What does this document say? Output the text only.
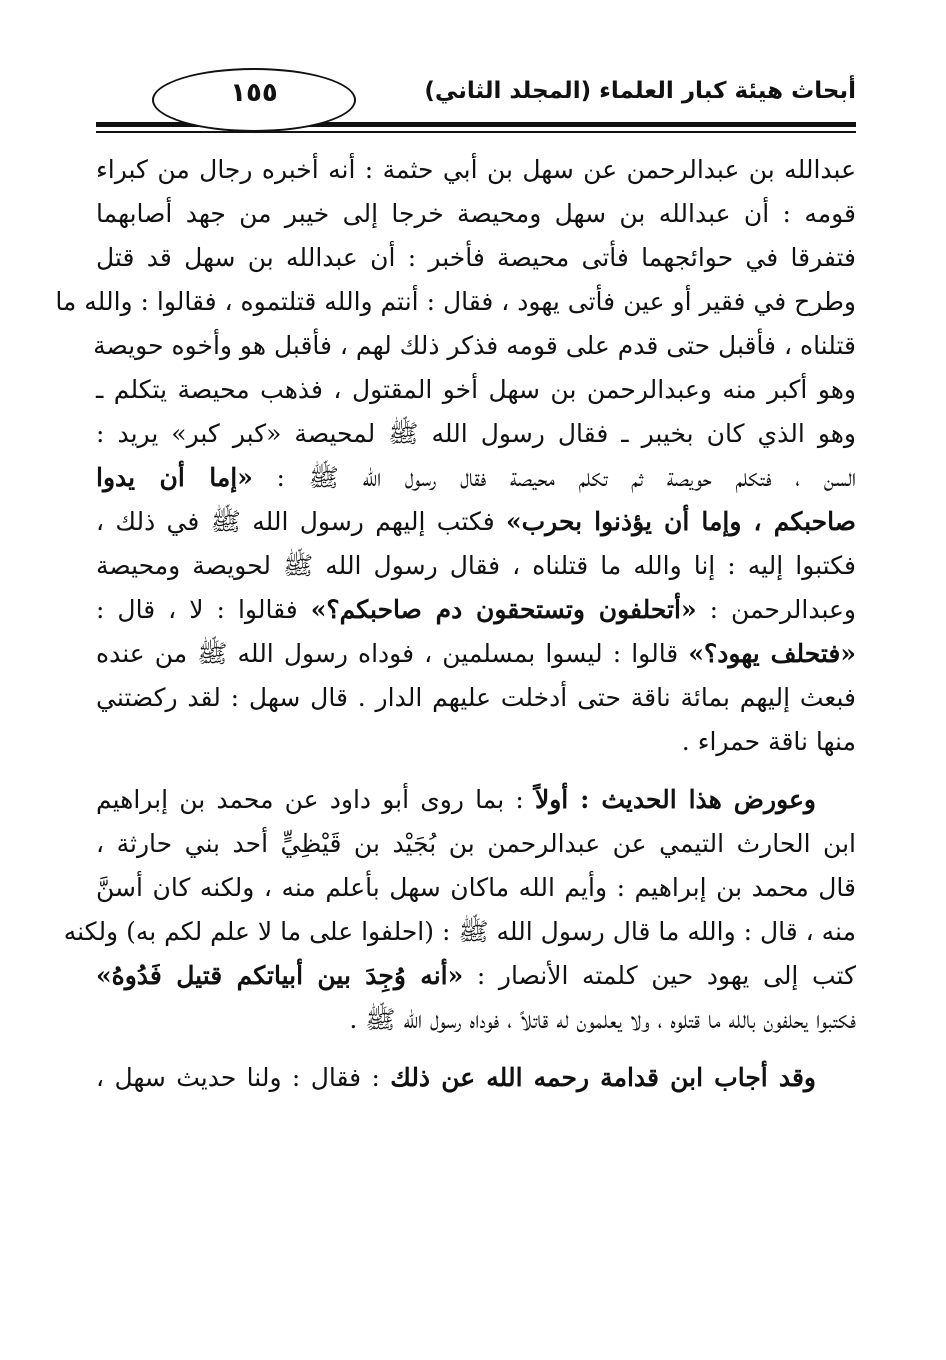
١٥٥	أبحاث هيئة كبار العلماء (المجلد الثاني)
عبدالله بن عبدالرحمن عن سهل بن أبي حثمة : أنه أخبره رجال من كبراء
قومه : أن عبدالله بن سهل ومحيصة خرجا إلى خيبر من جهد أصابهما
فتفرقا في حوائجهما فأتى محيصة فأخبر : أن عبدالله بن سهل قد قتل
وطرح في فقير أو عين فأتى يهود ، فقال : أنتم والله قتلتموه ، فقالوا : والله ما
قتلناه ، فأقبل حتى قدم على قومه فذكر ذلك لهم ، فأقبل هو وأخوه حويصة
وهو أكبر منه وعبدالرحمن بن سهل أخو المقتول ، فذهب محيصة يتكلم ـ
وهو الذي كان بخيبر ـ فقال رسول الله ﷺ لمحيصة «كبر كبر» يريد :
السن ، فتكلم حويصة ثم تكلم محيصة فقال رسول الله ﷺ : «إما أن يدوا
صاحبكم ، وإما أن يؤذنوا بحرب» فكتب إليهم رسول الله ﷺ في ذلك ،
فكتبوا إليه : إنا والله ما قتلناه ، فقال رسول الله ﷺ لحويصة ومحيصة
وعبدالرحمن : «أتحلفون وتستحقون دم صاحبكم؟» فقالوا : لا ، قال :
«فتحلف يهود؟» قالوا : ليسوا بمسلمين ، فوداه رسول الله ﷺ من عنده
فبعث إليهم بمائة ناقة حتى أدخلت عليهم الدار . قال سهل : لقد ركضتني
منها ناقة حمراء .
وعورض هذا الحديث : أولاً : بما روى أبو داود عن محمد بن إبراهيم
ابن الحارث التيمي عن عبدالرحمن بن بُجَيْد بن قَيْظِيٍّ أحد بني حارثة ،
قال محمد بن إبراهيم : وأيم الله ماكان سهل بأعلم منه ، ولكنه كان أسنَّ
منه ، قال : والله ما قال رسول الله ﷺ : (احلفوا على ما لا علم لكم به) ولكنه
كتب إلى يهود حين كلمته الأنصار : «أنه وُجِدَ بين أبياتكم قتيل فَدُوهُ»
فكتبوا يحلفون بالله ما قتلوه ، ولا يعلمون له قاتلاً ، فوداه رسول الله ﷺ .
وقد أجاب ابن قدامة رحمه الله عن ذلك : فقال : ولنا حديث سهل ،
